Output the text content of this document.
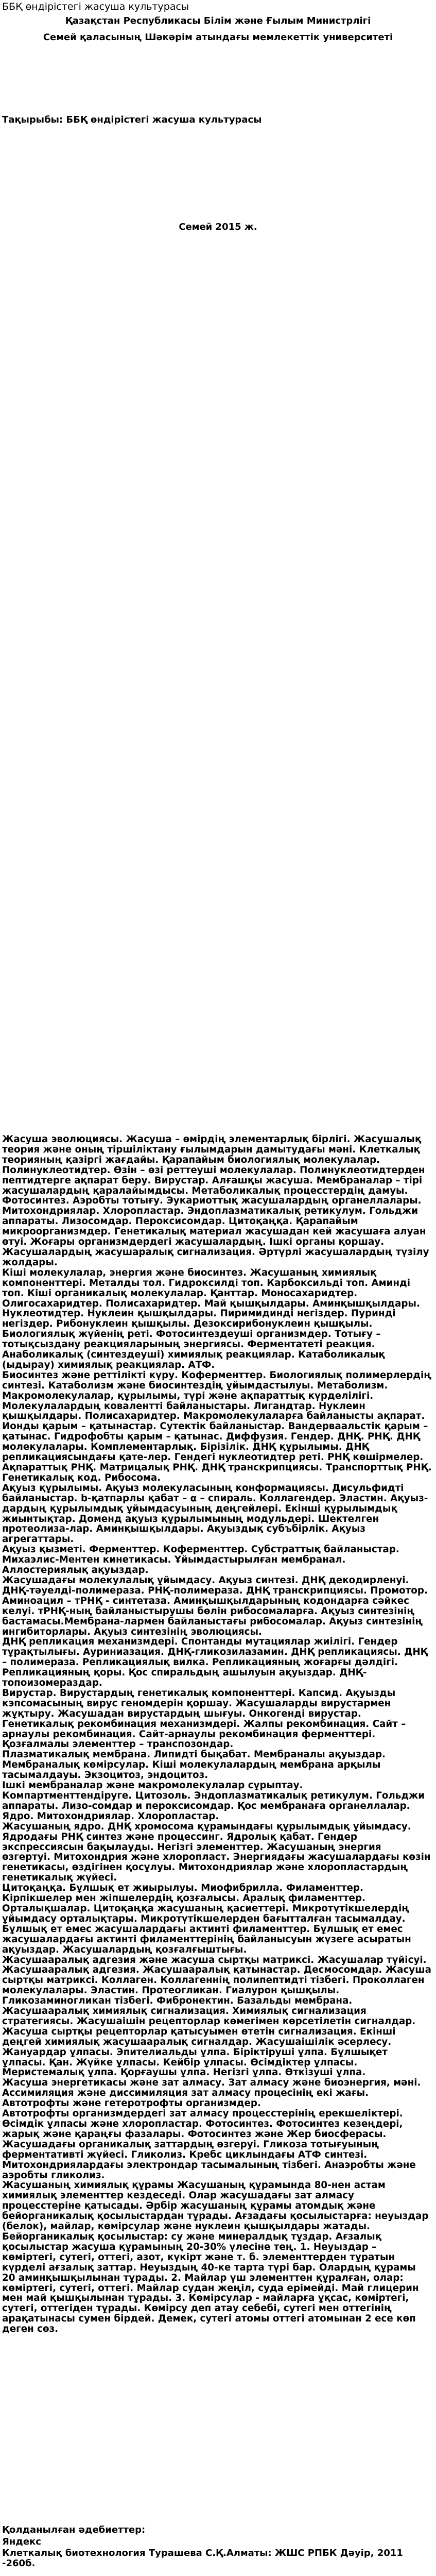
ББҚ өндірістегі жасуша культурасы
Қазақстан Республикасы Білім және Ғылым Министрлігі
Семей қаласының Шәкәрім атындағы мемлекеттік университеті
Тақырыбы: ББҚ өндірістегі жасуша культурасы
Семей 2015 ж.

Жасуша эволюциясы. Жасуша – өмірдің элементарлық бірлігі. Жасушалық теория және оның тіршіліктану ғылымдарын дамытудағы мәні. Клеткалық теорияның қазіргі жағдайы. Қарапайым биологиялық молекулалар. Полинуклеотидтер. Өзін – өзі реттеуші молекулалар. Полинуклеотидтерден пептидтерге ақпарат беру. Вирустар. Алғашқы жасуша. Мембраналар – тірі жасушалардың қаралайымдысы. Метаболикалық процесстердің дамуы. Фотосинтез. Аэробты тотығу. Эукариоттық жасушалардың органеллалары. Митохондриялар. Хлоропластар. Эндоплазматикалық ретикулум. Гольджи аппараты. Лизосомдар. Пероксисомдар. Цитоқаңқа. Қарапайым микроорганизмдер. Генетикалық материал жасушадан кей жасушаға алуан өтуі. Жоғары организмдердегі жасушалардың. Ішкі органы қоршау. Жасушалардың жасушаралық сигнализация. Әртүрлі жасушалардың түзілу жолдары.

Кіші молекулалар, энергия және биосинтез. Жасушаның химиялық компоненттері. Металды тол. Гидрокcилді топ. Карбоксильді топ. Аминді топ. Кіші органикалық молекулалар. Қанттар. Моносахаридтер. Олигосахаридтер. Полисахаридтер. Май қышқылдары. Аминқышқылдары. Нуклеотидтер. Нуклеин қышқылдары. Пиримидинді негіздер. Пуринді негіздер. Рибонуклеин қышқылы. Дезоксирибонуклеин қышқылы. Биологиялық жүйенің реті. Фотосинтездеуші организмдер. Тотығу – тотықсыздану реакцияларының энергиясы. Ферментатеті реакция. Анаболикалық (синтездеуші) химиялық реакциялар. Катаболикалық (ыдырау) химиялық реакциялар. АТФ.

Биосинтез және реттілікті күру. Коферменттер. Биологиялық полимерлердің синтезі. Катаболизм және биосинтездің ұйымдастылуы. Метаболизм.

Макромолекулалар, құрылымы, түрі және ақпараттық күрделілігі. Молекулалардың ковалентті байланыстары. Лигандтар. Нуклеин қышқылдары. Полисахаридтер. Макромолекулаларға байланысты ақпарат. Ионды қарым – қатынастар. Сутектік байланыстар. Вандерваальстік қарым – қатынас. Гидрофобты қарым – қатынас. Диффузия. Гендер. ДНҚ. РНҚ. ДНҚ молекулалары. Комплементарлық. Бірізілік. ДНҚ құрылымы. ДНҚ репликацияcындағы қате-лер. Гендегі нуклеотидтер реті. РНҚ көшірмелер. Ақпараттық РНҚ. Матрицалық РНҚ. ДНҚ транскрипциясы. Транспорттық РНҚ. Генетикалық код. Рибосома.

Ақуыз құрылымы. Ақуыз молекуласының конформациясы. Дисульфидті байланыстар. b-қатпарлы қабат – α – спираль. Коллагендер. Эластин. Ақуыз-дардың құрылымдық ұйымдасуының деңгейлері. Екіншi құрылымдық жиынтықтар. Доменд ақуыз құрылымының модульдері. Шектелген протеолиза-лар. Аминқышқылдары. Ақуыздық субъбірлік. Ақуыз агрегаттары.

Ақуыз қызметі. Ферменттер. Коферменттер. Субстраттық байланыстар. Михаэлис-Ментен кинетикасы. Ұйымдастырылған мембранал. Аллостериялық ақуыздар.

Жасушадағы молекулалық ұйымдасу. Ақуыз синтезі. ДНҚ декодирленуі. ДНҚ-тәуелді-полимераза. РНҚ-полимераза. ДНҚ транскрипциясы. Промотор. Аминоацил – тРНҚ - синтетаза. Аминқышқылдарының кодондарға сәйкес келуі. тРНҚ-ның байланыстырушы бөлін рибосомаларға. Ақуыз синтезінің бастамасы.Мембрана-лармен байланыстағы рибосомалар. Ақуыз синтезінің ингибиторлары. Ақуыз синтезінің эволюциясы.

ДНҚ репликация механизмдері. Спонтанды мутациялар жиілігі. Гендер тұрақтылығы. Ауриниазация. ДНҚ-гликозилазамин. ДНҚ репликациясы. ДНҚ – полимераза. Репликациялық вилка. Репликацияның жоғарғы дәлдігі. Репликацияның қоры. Қос спиральдың ашылуын ақуыздар. ДНҚ-топоизомераздар.

Вирустар. Вирустардың генетикалық компоненттері. Капсид. Ақуызды кэпсомасының вирус геномдерін қоршау. Жасушаларды вирустармен жұқтыру. Жасушадан вирустардың шығуы. Онкогенді вирустар.

Генетикалық рекомбинация механизмдері. Жалпы рекомбинация. Сайт – арнаулы рекомбинация. Сайт-арнаулы рекомбинация ферменттері. Қозғалмалы элементтер – транспозондар.

Плазматикалық мембрана. Липидті бықабат. Мембраналы ақуыздар. Мембраналық көмірсулар. Кіші молекулалардың мембрана арқылы тасымалдауы. Экзоцитоз, эндоцитоз.

Ішкі мембраналар және макромолекулалар сұрыптау. Компартменттендіруге. Цитозоль. Эндоплазматикалық ретикулум. Гольджи аппараты. Лизо-сомдар и пероксисомдар. Қос мембранаға органеллалар. Ядро. Митохондриялар. Хлоропластар.

Жасушаның ядро. ДНҚ хромосома құрамындағы құрылымдық ұйымдасу. Ядродағы РНҚ синтез және процессинг. Ядролық қабат. Гендер экспрессиясын бақылауды. Негізгі элементтер. Жасушаның энергия өзгертуі. Митохондрия және хлоропласт. Энергиядағы жасушалардағы көзін генетикасы, өздігінен қосұлуы. Митохондриялар және хлоропластардың генетикалық жүйесі.

Цитоқаңқа. Бұлшық ет жиырылуы. Миофибрилла. Филаменттер. Кірпікшелер мен жіпшелердің қозғалысы. Аралық филаменттер. Орталықшалар. Цитоқаңқа жасушаның қасиеттері. Микротүтікшелердің ұйымдасу орталықтары. Микротүтікшелерден бағытталған тасымалдау. Бұлшық ет емес жасушалардағы актинті филаменттер. Бұлшық ет емес жасушалардағы актинті филаменттерінің байланысуын жүзеге асыратын ақуыздар. Жасушалардың қозғалғыштығы.

Жасушааралық адгезия және жасуша сыртқы матриксі. Жасушалар түйісуі. Жасушааралық адгезия. Жасушааралық қатынастар. Десмосомдар. Жасуша сыртқы матриксі. Коллаген. Коллагеннің полипептидті тізбегі. Проколлаген молекулалары. Эластин. Протеогликан. Гиалурон қышқылы. Гликозаминогликан тізбегі. Фибронектин. Базальды мембрана.

Жасушааралық химиялық сигнализация. Химиялық сигнализация стратегиясы. Жасушаішін рецепторлар көмегімен көрсетілетін сигналдар. Жасуша сыртқы рецепторлар қатысуымен өтетін сигнализация. Екінші деңгей химиялық жасушааралық сигналдар. Жасушаішілік әсерлесу.

Жануардар ұлпасы. Эпителиальды ұлпа. Біріктіруші ұлпа. Бұлшықет ұлпасы. Қан. Жүйке ұлпасы. Кейбір ұлпасы. Өсімдіктер ұлпасы. Меристемалық ұлпа. Қорғаушы ұлпа. Негізгі ұлпа. Өткізуші ұлпа.

Жасуша энергетикасы және зат алмасу. Зат алмасу және биоэнергия, мәні. Ассимиляция және диссимиляция зат алмасу процесінің екі жағы. Автотрофты және гетеротрофты организмдер.

Автотрофты организмдердегі зат алмасу процесстерінің ерекшеліктері. Өсімдік ұлпасы және хлоропластар. Фотосинтез. Фотосинтез кезеңдері, жарық және қараңғы фазалары. Фотосинтез және Жер биосферасы.

Жасушадағы органикалық заттардың өзгеруі. Гликоза тотығуының ферментативті жүйесі. Гликолиз. Кребс циклындағы АТФ синтезі. Митохондриялардағы электрондар тасымалының тізбегі. Анаэробты және аэробты гликолиз.

Жасушаның химиялық құрамы Жасушаның құрамында 80-нен астам химиялық элементтер кездеседі. Олар жасушадағы зат алмасу процесстеріне қатысады. Әрбір жасушаның құрамы атомдық және бейорганикалық қосылыстардан тұрады. Ағзадағы қосылыстарға: неуыздар (белок), майлар, көмірсулар және нуклеин қышқылдары жатады. Бейорганикалық қосылыстар: су және минералдық тұздар. Ағзалық қосылыстар жасуша құрамының 20-30% үлесіне тең. 1. Неуыздар – көміртегі, сутегі, оттегі, азот, күкірт және т. б. элементтерден тұратын күрделі ағзалық заттар. Неуыздың 40-ке тарта түрі бар. Олардың құрамы 20 аминқышқылынан тұрады. 2. Майлар үш элементтен құралған, олар: көміртегі, сутегі, оттегі. Майлар судан жеңіл, суда ерімейді. Май глицерин мен май қышқылынан тұрады. 3. Көмірсулар - майларға ұқсас, көміртегі, сутегі, оттегіден тұрады. Көмірсу деп атау себебі, сутегі мен оттегінің арақатынасы сумен бірдей. Демек, сутегі атомы оттегі атомынан 2 есе көп деген сөз.

Қолданылған әдебиеттер:
Яндекс
Клеткалық биотехнология Турашева С.Қ.Алматы: ЖШС РПБК Дәуір, 2011 -260б.
